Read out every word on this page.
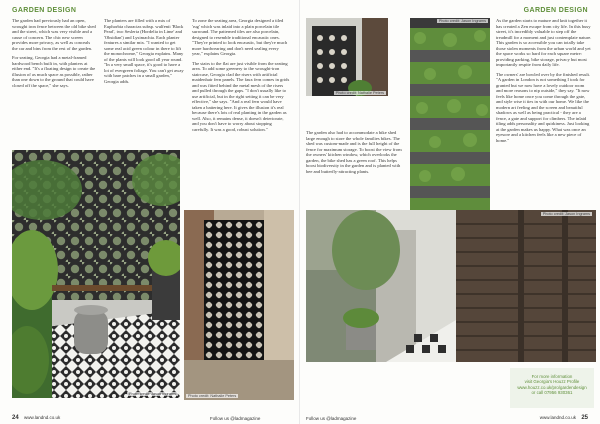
GARDEN DESIGN

The garden had previously had an open, wrought iron fence between the old bike shed and the street, which was very visible and a cause of concern. The chic new screen provides more privacy, as well as conceals the car and bins from the rest of the garden.

For seating, Georgia had a metal-framed hardwood bench built in, with planters at either end. "It's a floating design to create the illusion of as much space as possible, rather than one down to the ground that could have closed off the space," she says.

The planters are filled with a mix of Euphorbia characias subsp. wulfenii 'Black Pearl', two Sesleria (Hordelia in Lime' and 'Obsidian') and Lysimachia. Each planter features a similar mix. "I wanted to get some real acid green colour in there to lift the monochrome," Georgia explains. Many of the plants will look good all year round. "In a very small space, it's good to have a lot of evergreen foliage. You can't get away with bare patches in a small garden," Georgia adds.

To zone the seating area, Georgia designed a tiled 'rug' which was inlaid into a plain porcelain tile surround. The patterned tiles are also porcelain, designed to resemble traditional encaustic ones. "They're printed to look encaustic, but they're much more hardwearing and don't need sealing every year," explains Georgia.

The stairs to the flat are just visible from the seating area. To add some greenery to the wrought-iron staircase, Georgia clad the risers with artificial maidenhair fern panels. The faux fern comes in grids and was fitted behind the metal mesh of the risers and pulled through the gaps. "I don't usually like to use artificial, but in the right setting it can be very effective," she says. "And a real fern would have taken a battering here. It gives the illusion it's real because there's lots of real planting in the garden as well. Also, it remains dense, it doesn't deteriorate, and you don't have to worry about stopping carefully. It was a good, robust solution."

Photo credit: Jason Ingrams	Photo credit: Nathalie Peters
24 www.landnd.co.uk	Follow us @ladmagazine
GARDEN DESIGN
Photo credit: Nathalie Peters
Photo credit: Jason Ingrams

The garden also had to accommodate a bike shed large enough to store the whole families bikes. The shed was custom-made and is the full height of the fence for maximum storage. To boost the view from the owners' kitchen window, which overlooks the garden, the bike shed has a green roof. This helps boost biodiversity in the garden and is planted with bee and butterfly-attracting plants.

As the garden starts to mature and knit together it has created a Zen escape from city life. In this busy street, it's incredibly valuable to step off the treadmill for a moment and just contemplate nature. This garden is so accessible you can totally take those stolen moments from the urban world and yet the space works so hard for each square metre: providing parking, bike storage, privacy but most importantly respite from daily life.

The owners' are bowled over by the finished result. "A garden in London is not something I took for granted but we now have a lovely outdoor room and more reasons to nip outside," they say. "It now feels like home once you come through the gate, and style wise it ties in with our home. We like the modern art feeling and the screen and beautiful shadows as well as being practical - they are a fence, a gate and support for climbers. The inlaid tiling adds personality and quirkiness. Just looking at the garden makes us happy. What was once an eyesore and a kitchen feels like a new piece of home."

Photo credit: Jason Ingrams
For more information
visit Georgia's Houzz Profile
www.houzz.co.uk/pro/gardendesign
or call 07956 930361
Follow us @ladmagazine	www.landnd.co.uk 25
